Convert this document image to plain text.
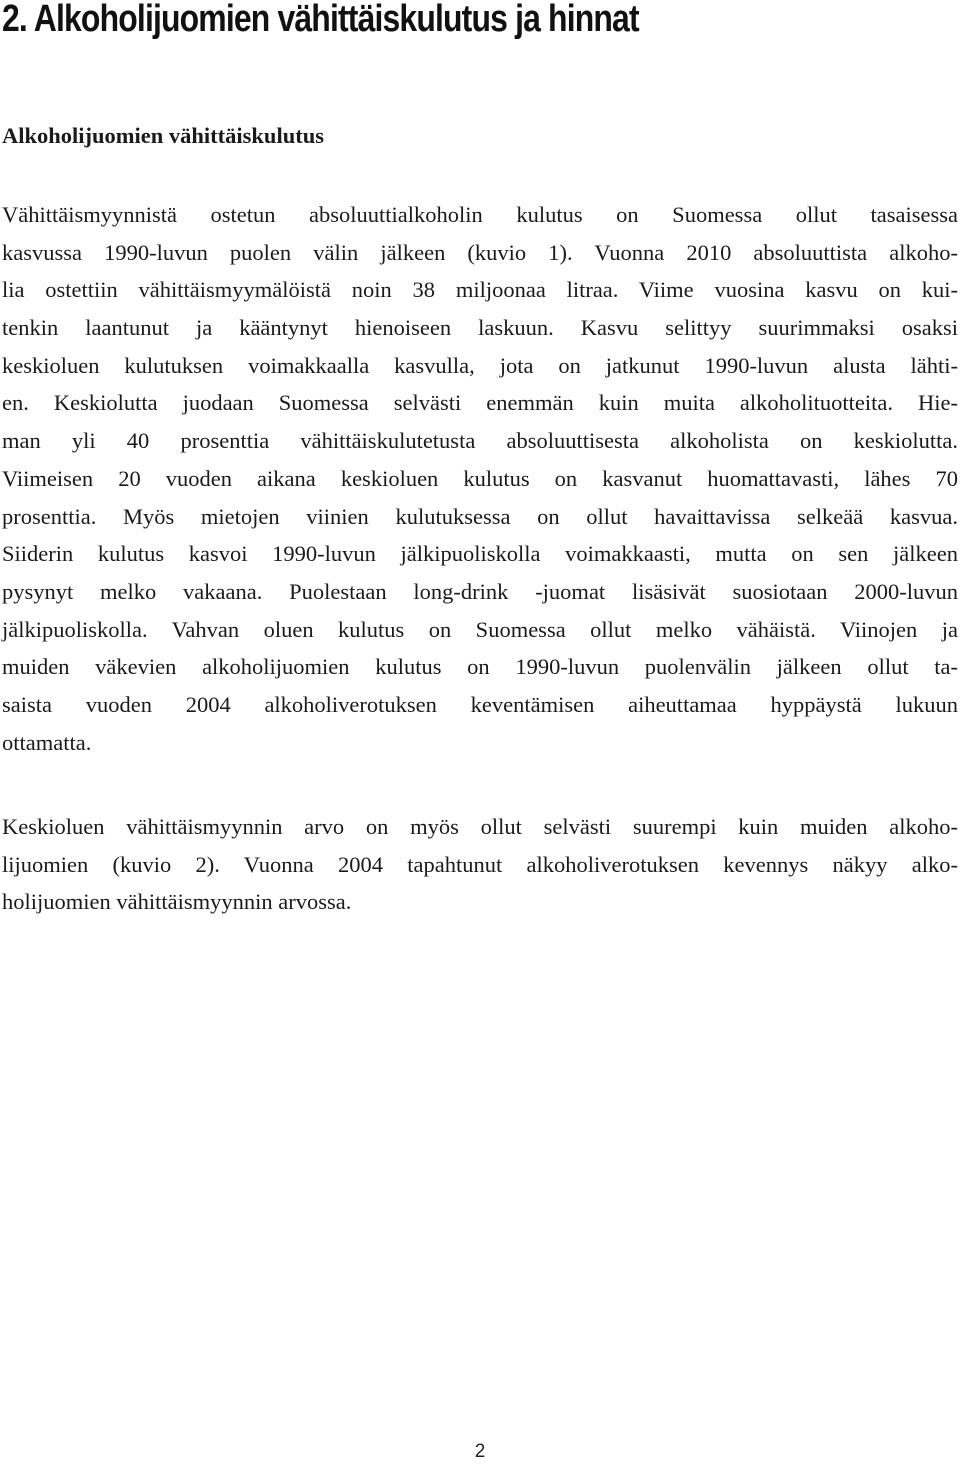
2. Alkoholijuomien vähittäiskulutus ja hinnat
Alkoholijuomien vähittäiskulutus

Vähittäismyynnistä ostetun absoluuttialkoholin kulutus on Suomessa ollut tasaisessa
kasvussa 1990-luvun puolen välin jälkeen (kuvio 1). Vuonna 2010 absoluuttista alkoho-
lia ostettiin vähittäismyymälöistä noin 38 miljoonaa litraa. Viime vuosina kasvu on kui-
tenkin laantunut ja kääntynyt hienoiseen laskuun. Kasvu selittyy suurimmaksi osaksi
keskioluen kulutuksen voimakkaalla kasvulla, jota on jatkunut 1990-luvun alusta lähti-
en. Keskiolutta juodaan Suomessa selvästi enemmän kuin muita alkoholituotteita. Hie-
man yli 40 prosenttia vähittäiskulutetusta absoluuttisesta alkoholista on keskiolutta.
Viimeisen 20 vuoden aikana keskioluen kulutus on kasvanut huomattavasti, lähes 70
prosenttia. Myös mietojen viinien kulutuksessa on ollut havaittavissa selkeää kasvua.
Siiderin kulutus kasvoi 1990-luvun jälkipuoliskolla voimakkaasti, mutta on sen jälkeen
pysynyt melko vakaana. Puolestaan long-drink -juomat lisäsivät suosiotaan 2000-luvun
jälkipuoliskolla. Vahvan oluen kulutus on Suomessa ollut melko vähäistä. Viinojen ja
muiden väkevien alkoholijuomien kulutus on 1990-luvun puolenvälin jälkeen ollut ta-
saista vuoden 2004 alkoholiverotuksen keventämisen aiheuttamaa hyppäystä lukuun
ottamatta.

Keskioluen vähittäismyynnin arvo on myös ollut selvästi suurempi kuin muiden alkoho-
lijuomien (kuvio 2). Vuonna 2004 tapahtunut alkoholiverotuksen kevennys näkyy alko-
holijuomien vähittäismyynnin arvossa.

2
